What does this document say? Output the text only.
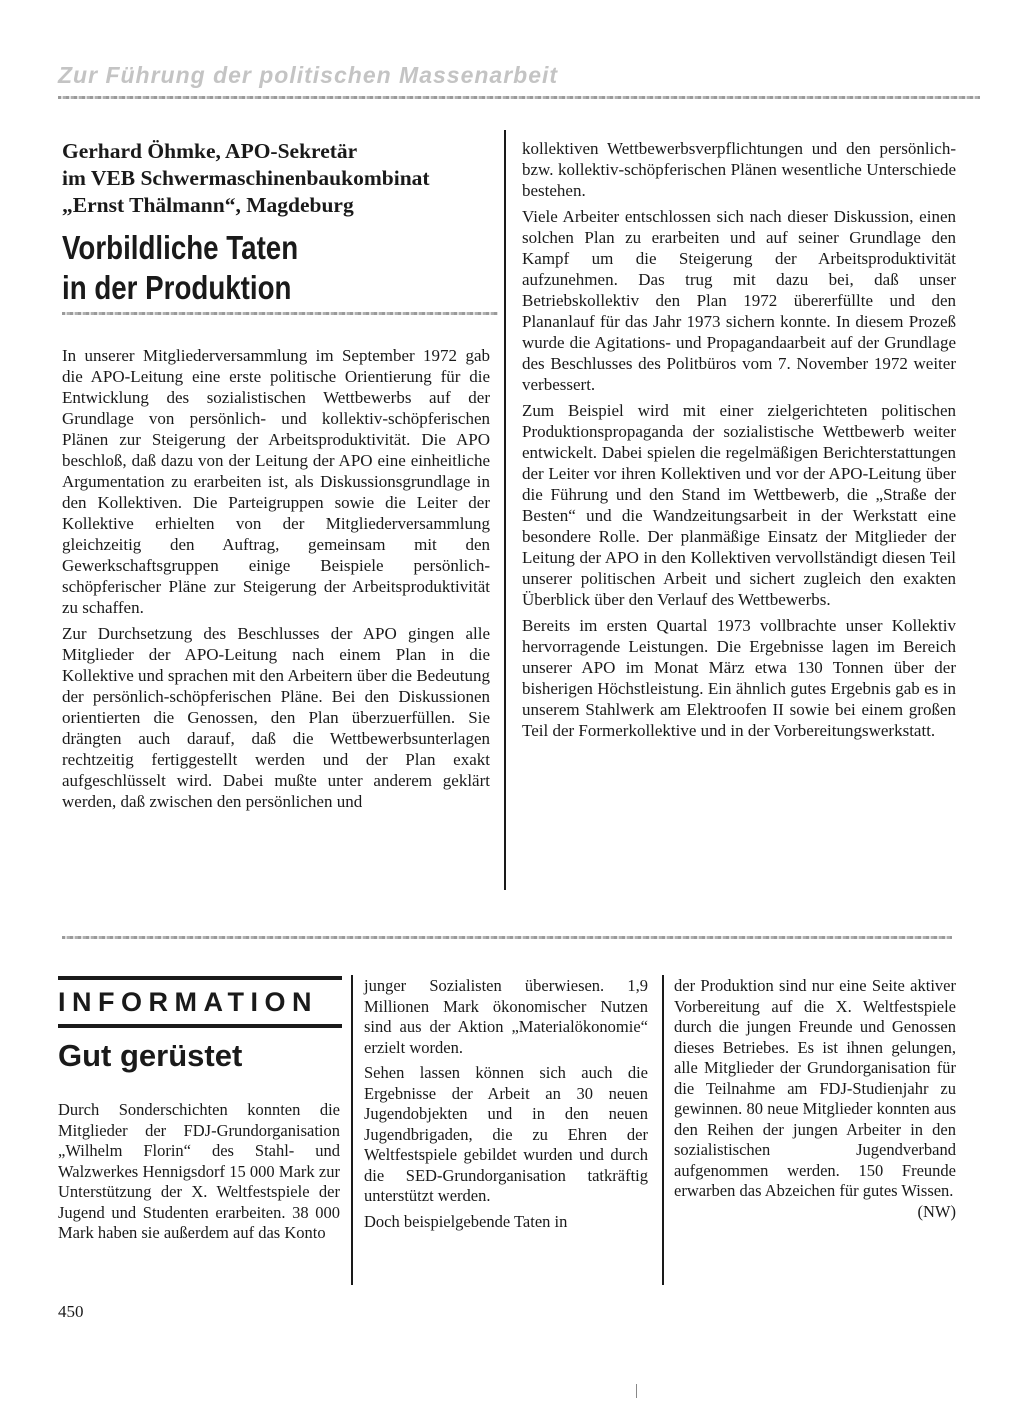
Zur Führung der politischen Massenarbeit
Gerhard Öhmke, APO-Sekretär
im VEB Schwermaschinenbaukombinat
„Ernst Thälmann“, Magdeburg
Vorbildliche Taten
in der Produktion

In unserer Mitgliederversammlung im September 1972 gab die APO-Leitung eine erste politische Orientierung für die Entwicklung des sozialistischen Wettbewerbs auf der Grundlage von persönlich- und kollektiv-schöpferischen Plänen zur Steigerung der Arbeitsproduktivität. Die APO beschloß, daß dazu von der Leitung der APO eine einheitliche Argumentation zu erarbeiten ist, als Diskussionsgrundlage in den Kollektiven. Die Parteigruppen sowie die Leiter der Kollektive erhielten von der Mitgliederversammlung gleichzeitig den Auftrag, gemeinsam mit den Gewerkschaftsgruppen einige Beispiele persönlich-schöpferischer Pläne zur Steigerung der Arbeitsproduktivität zu schaffen.

Zur Durchsetzung des Beschlusses der APO gingen alle Mitglieder der APO-Leitung nach einem Plan in die Kollektive und sprachen mit den Arbeitern über die Bedeutung der persönlich-schöpferischen Pläne. Bei den Diskussionen orientierten die Genossen, den Plan überzuerfüllen. Sie drängten auch darauf, daß die Wettbewerbsunterlagen rechtzeitig fertiggestellt werden und der Plan exakt aufgeschlüsselt wird. Dabei mußte unter anderem geklärt werden, daß zwischen den persönlichen und

kollektiven Wettbewerbsverpflichtungen und den persönlich- bzw. kollektiv-schöpferischen Plänen wesentliche Unterschiede bestehen.

Viele Arbeiter entschlossen sich nach dieser Diskussion, einen solchen Plan zu erarbeiten und auf seiner Grundlage den Kampf um die Steigerung der Arbeitsproduktivität aufzunehmen. Das trug mit dazu bei, daß unser Betriebskollektiv den Plan 1972 übererfüllte und den Plananlauf für das Jahr 1973 sichern konnte. In diesem Prozeß wurde die Agitations- und Propagandaarbeit auf der Grundlage des Beschlusses des Politbüros vom 7. November 1972 weiter verbessert.

Zum Beispiel wird mit einer zielgerichteten politischen Produktionspropaganda der sozialistische Wettbewerb weiter entwickelt. Dabei spielen die regelmäßigen Berichterstattungen der Leiter vor ihren Kollektiven und vor der APO-Leitung über die Führung und den Stand im Wettbewerb, die „Straße der Besten“ und die Wandzeitungsarbeit in der Werkstatt eine besondere Rolle. Der planmäßige Einsatz der Mitglieder der Leitung der APO in den Kollektiven vervollständigt diesen Teil unserer politischen Arbeit und sichert zugleich den exakten Überblick über den Verlauf des Wettbewerbs.

Bereits im ersten Quartal 1973 vollbrachte unser Kollektiv hervorragende Leistungen. Die Ergebnisse lagen im Bereich unserer APO im Monat März etwa 130 Tonnen über der bisherigen Höchstleistung. Ein ähnlich gutes Ergebnis gab es in unserem Stahlwerk am Elektroofen II sowie bei einem großen Teil der Formerkollektive und in der Vorbereitungswerkstatt.

INFORMATION
Gut gerüstet

Durch Sonderschichten konnten die Mitglieder der FDJ-Grundorganisation „Wilhelm Florin“ des Stahl- und Walzwerkes Hennigsdorf 15 000 Mark zur Unterstützung der X. Weltfestspiele der Jugend und Studenten erarbeiten. 38 000 Mark haben sie außerdem auf das Konto

junger Sozialisten überwiesen. 1,9 Millionen Mark ökonomischer Nutzen sind aus der Aktion „Materialökonomie“ erzielt worden.

Sehen lassen können sich auch die Ergebnisse der Arbeit an 30 neuen Jugendobjekten und in den neuen Jugendbrigaden, die zu Ehren der Weltfestspiele gebildet wurden und durch die SED-Grundorganisation tatkräftig unterstützt werden.

Doch beispielgebende Taten in

der Produktion sind nur eine Seite aktiver Vorbereitung auf die X. Weltfestspiele durch die jungen Freunde und Genossen dieses Betriebes. Es ist ihnen gelungen, alle Mitglieder der Grundorganisation für die Teilnahme am FDJ-Studienjahr zu gewinnen. 80 neue Mitglieder konnten aus den Reihen der jungen Arbeiter in den sozialistischen Jugendverband aufgenommen werden. 150 Freunde erwarben das Abzeichen für gutes Wissen.
(NW)

450
